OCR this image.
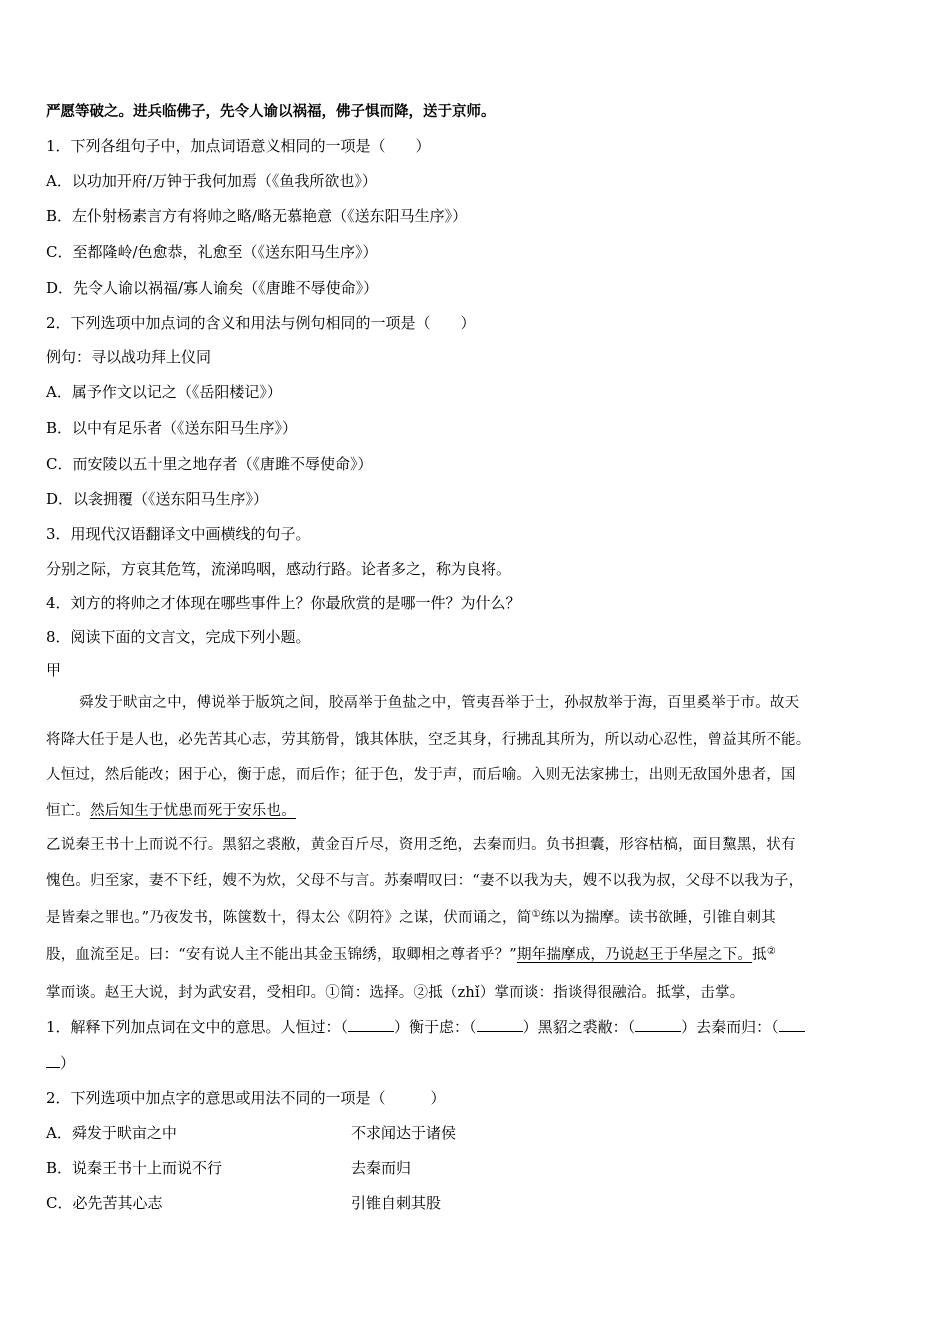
严愿等破之。进兵临佛子，先令人谕以祸福，佛子惧而降，送于京师。
1．下列各组句子中，加点词语意义相同的一项是（　　）
A．以功加开府/万钟于我何加焉（《鱼我所欲也》）
B．左仆射杨素言方有将帅之略/略无慕艳意（《送东阳马生序》）
C．至都隆岭/色愈恭，礼愈至（《送东阳马生序》）
D．先令人谕以祸福/寡人谕矣（《唐雎不辱使命》）
2．下列选项中加点词的含义和用法与例句相同的一项是（　　）
例句：寻以战功拜上仪同
A．属予作文以记之（《岳阳楼记》）
B．以中有足乐者（《送东阳马生序》）
C．而安陵以五十里之地存者（《唐雎不辱使命》）
D．以衾拥覆（《送东阳马生序》）
3．用现代汉语翻译文中画横线的句子。
分别之际，方哀其危笃，流涕呜咽，感动行路。论者多之，称为良将。
4．刘方的将帅之才体现在哪些事件上？你最欣赏的是哪一件？为什么？
8．阅读下面的文言文，完成下列小题。
甲
舜发于畎亩之中，傅说举于版筑之间，胶鬲举于鱼盐之中，管夷吾举于士，孙叔敖举于海，百里奚举于市。故天
将降大任于是人也，必先苦其心志，劳其筋骨，饿其体肤，空乏其身，行拂乱其所为，所以动心忍性，曾益其所不能。
人恒过，然后能改；困于心，衡于虑，而后作；征于色，发于声，而后喻。入则无法家拂士，出则无敌国外患者，国
恒亡。然后知生于忧患而死于安乐也。
乙说秦王书十上而说不行。黑貂之裘敝，黄金百斤尽，资用乏绝，去秦而归。负书担囊，形容枯槁，面目黧黑，状有
愧色。归至家，妻不下纴，嫂不为炊，父母不与言。苏秦喟叹曰：“妻不以我为夫，嫂不以我为叔，父母不以我为子，
是皆秦之罪也。”乃夜发书，陈箧数十，得太公《阴符》之谋，伏而诵之，简①练以为揣摩。读书欲睡，引锥自刺其
股，血流至足。曰：“安有说人主不能出其金玉锦绣，取卿相之尊者乎？”期年揣摩成，乃说赵王于华屋之下。抵②
掌而谈。赵王大说，封为武安君，受相印。①简：选择。②抵（zhǐ）掌而谈：指谈得很融洽。抵掌，击掌。
1．解释下列加点词在文中的意思。人恒过：（	）衡于虑：（	）黑貂之裘敝：（	）去秦而归：（
）
2．下列选项中加点字的意思或用法不同的一项是（　　　）
A．舜发于畎亩之中	不求闻达于诸侯
B．说秦王书十上而说不行	去秦而归
C．必先苦其心志	引锥自刺其股
